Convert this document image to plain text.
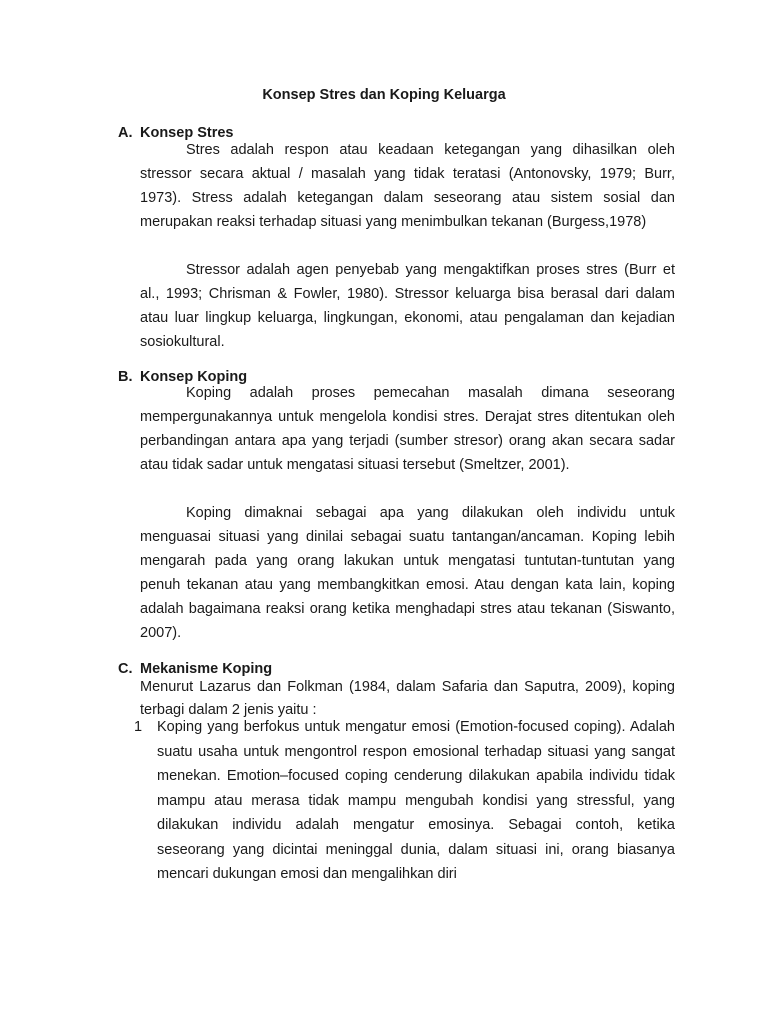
Konsep Stres dan Koping Keluarga
A. Konsep Stres

Stres adalah respon atau keadaan ketegangan yang dihasilkan oleh stressor secara aktual / masalah yang tidak teratasi (Antonovsky, 1979; Burr, 1973). Stress adalah ketegangan dalam seseorang atau sistem sosial dan merupakan reaksi terhadap situasi yang menimbulkan tekanan (Burgess,1978)

Stressor adalah agen penyebab yang mengaktifkan proses stres (Burr et al., 1993; Chrisman & Fowler, 1980). Stressor keluarga bisa berasal dari dalam atau luar lingkup keluarga, lingkungan, ekonomi, atau pengalaman dan kejadian sosiokultural.

B. Konsep Koping

Koping adalah proses pemecahan masalah dimana seseorang mempergunakannya untuk mengelola kondisi stres. Derajat stres ditentukan oleh perbandingan antara apa yang terjadi (sumber stresor) orang akan secara sadar atau tidak sadar untuk mengatasi situasi tersebut (Smeltzer, 2001).

Koping dimaknai sebagai apa yang dilakukan oleh individu untuk menguasai situasi yang dinilai sebagai suatu tantangan/ancaman. Koping lebih mengarah pada yang orang lakukan untuk mengatasi tuntutan-tuntutan yang penuh tekanan atau yang membangkitkan emosi. Atau dengan kata lain, koping adalah bagaimana reaksi orang ketika menghadapi stres atau tekanan (Siswanto, 2007).

C. Mekanisme Koping

Menurut Lazarus dan Folkman (1984, dalam Safaria dan Saputra, 2009), koping terbagi dalam 2 jenis yaitu :

1 Koping yang berfokus untuk mengatur emosi (Emotion-focused coping). Adalah suatu usaha untuk mengontrol respon emosional terhadap situasi yang sangat menekan. Emotion–focused coping cenderung dilakukan apabila individu tidak mampu atau merasa tidak mampu mengubah kondisi yang stressful, yang dilakukan individu adalah mengatur emosinya. Sebagai contoh, ketika seseorang yang dicintai meninggal dunia, dalam situasi ini, orang biasanya mencari dukungan emosi dan mengalihkan diri
